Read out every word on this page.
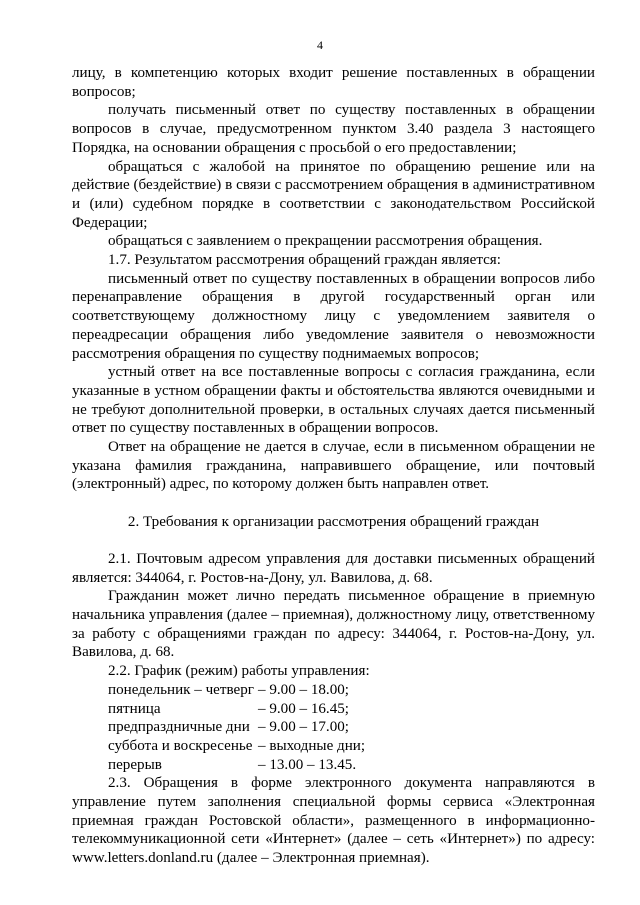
4

лицу, в компетенцию которых входит решение поставленных в обращении вопросов;

получать письменный ответ по существу поставленных в обращении вопросов в случае, предусмотренном пунктом 3.40 раздела 3 настоящего Порядка, на основании обращения с просьбой о его предоставлении;

обращаться с жалобой на принятое по обращению решение или на действие (бездействие) в связи с рассмотрением обращения в административном и (или) судебном порядке в соответствии с законодательством Российской Федерации;

обращаться с заявлением о прекращении рассмотрения обращения.

1.7. Результатом рассмотрения обращений граждан является:

письменный ответ по существу поставленных в обращении вопросов либо перенаправление обращения в другой государственный орган или соответствующему должностному лицу с уведомлением заявителя о переадресации обращения либо уведомление заявителя о невозможности рассмотрения обращения по существу поднимаемых вопросов;

устный ответ на все поставленные вопросы с согласия гражданина, если указанные в устном обращении факты и обстоятельства являются очевидными и не требуют дополнительной проверки, в остальных случаях дается письменный ответ по существу поставленных в обращении вопросов.

Ответ на обращение не дается в случае, если в письменном обращении не указана фамилия гражданина, направившего обращение, или почтовый (электронный) адрес, по которому должен быть направлен ответ.

2. Требования к организации рассмотрения обращений граждан

2.1. Почтовым адресом управления для доставки письменных обращений является: 344064, г. Ростов-на-Дону, ул. Вавилова, д. 68.

Гражданин может лично передать письменное обращение в приемную начальника управления (далее – приемная), должностному лицу, ответственному за работу с обращениями граждан по адресу: 344064, г. Ростов-на-Дону, ул. Вавилова, д. 68.

2.2. График (режим) работы управления:

понедельник – четверг – 9.00 – 18.00;
пятница	– 9.00 – 16.45;
предпраздничные дни – 9.00 – 17.00;
суббота и воскресенье – выходные дни;
перерыв	– 13.00 – 13.45.

2.3. Обращения в форме электронного документа направляются в управление путем заполнения специальной формы сервиса «Электронная приемная граждан Ростовской области», размещенного в информационно-телекоммуникационной сети «Интернет» (далее – сеть «Интернет») по адресу: www.letters.donland.ru (далее – Электронная приемная).
